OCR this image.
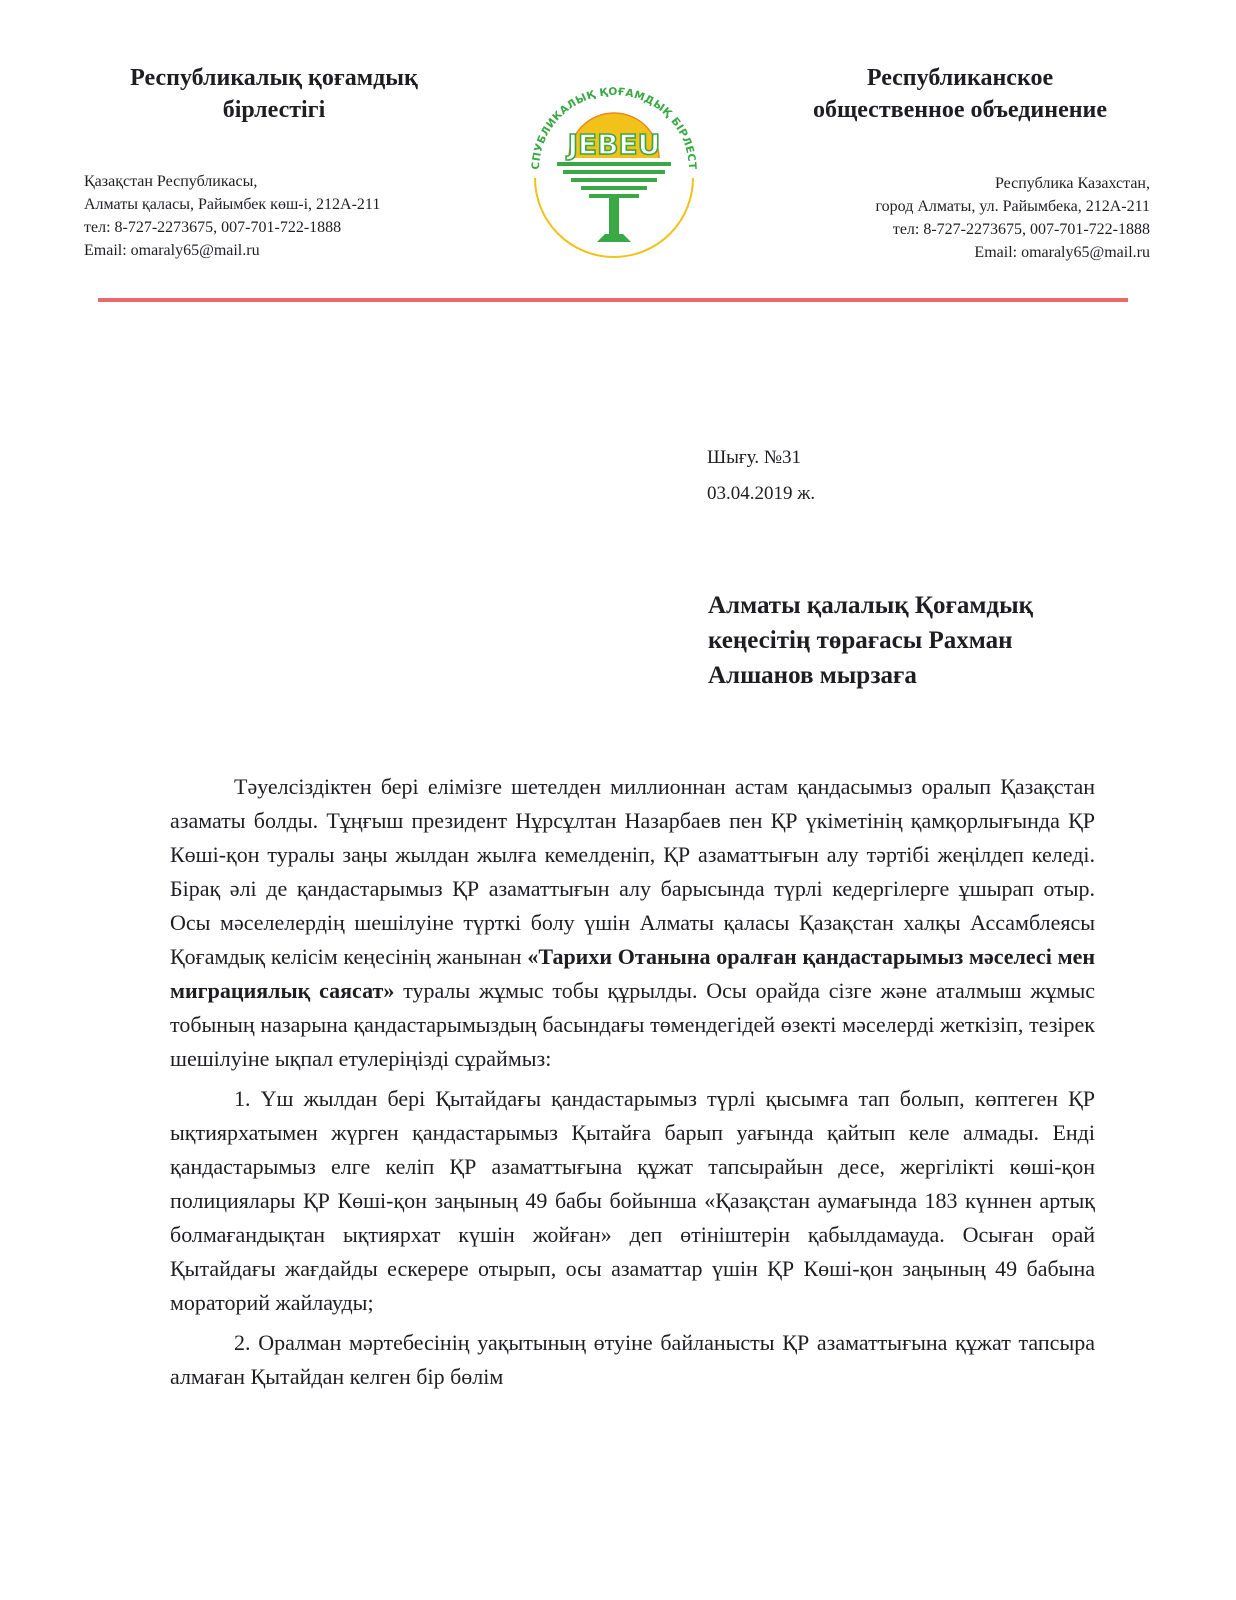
Республикалық қоғамдық
бірлестігі

Қазақстан Республикасы,
Алматы қаласы, Райымбек көш-і, 212А-211
тел: 8-727-2273675, 007-701-722-1888
Email: omaraly65@mail.ru
СПУБЛИКАЛЫҚ ҚОҒАМДЫҚ БІРЛЕСТ
JEBEU

Республиканское
общественное объединение

Республика Казахстан,
город Алматы, ул. Райымбека, 212А-211
тел: 8-727-2273675, 007-701-722-1888
Email: omaraly65@mail.ru
Шығу. №31
03.04.2019 ж.
Алматы қалалық Қоғамдық
кеңесітің төрағасы Рахман
Алшанов мырзаға

Тәуелсіздіктен бері елімізге шетелден миллионнан астам қандасымыз оралып Қазақстан азаматы болды. Тұңғыш президент Нұрсұлтан Назарбаев пен ҚР үкіметінің қамқорлығында ҚР Көші-қон туралы заңы жылдан жылға кемелденіп, ҚР азаматтығын алу тәртібі жеңілдеп келеді. Бірақ әлі де қандастарымыз ҚР азаматтығын алу барысында түрлі кедергілерге ұшырап отыр. Осы мәселелердің шешілуіне түрткі болу үшін Алматы қаласы Қазақстан халқы Ассамблеясы Қоғамдық келісім кеңесінің жанынан «Тарихи Отанына оралған қандастарымыз мәселесі мен миграциялық саясат» туралы жұмыс тобы құрылды. Осы орайда сізге және аталмыш жұмыс тобының назарына қандастарымыздың басындағы төмендегідей өзекті мәселерді жеткізіп, тезірек шешілуіне ықпал етулеріңізді сұраймыз:

1. Үш жылдан бері Қытайдағы қандастарымыз түрлі қысымға тап болып, көптеген ҚР ықтиярхатымен жүрген қандастарымыз Қытайға барып уағында қайтып келе алмады. Енді қандастарымыз елге келіп ҚР азаматтығына құжат тапсырайын десе, жергілікті көші-қон полициялары ҚР Көші-қон заңының 49 бабы бойынша «Қазақстан аумағында 183 күннен артық болмағандықтан ықтиярхат күшін жойған» деп өтініштерін қабылдамауда. Осыған орай Қытайдағы жағдайды ескерере отырып, осы азаматтар үшін ҚР Көші-қон заңының 49 бабына мораторий жайлауды;

2. Оралман мәртебесінің уақытының өтуіне байланысты ҚР азаматтығына құжат тапсыра алмаған Қытайдан келген бір бөлім
